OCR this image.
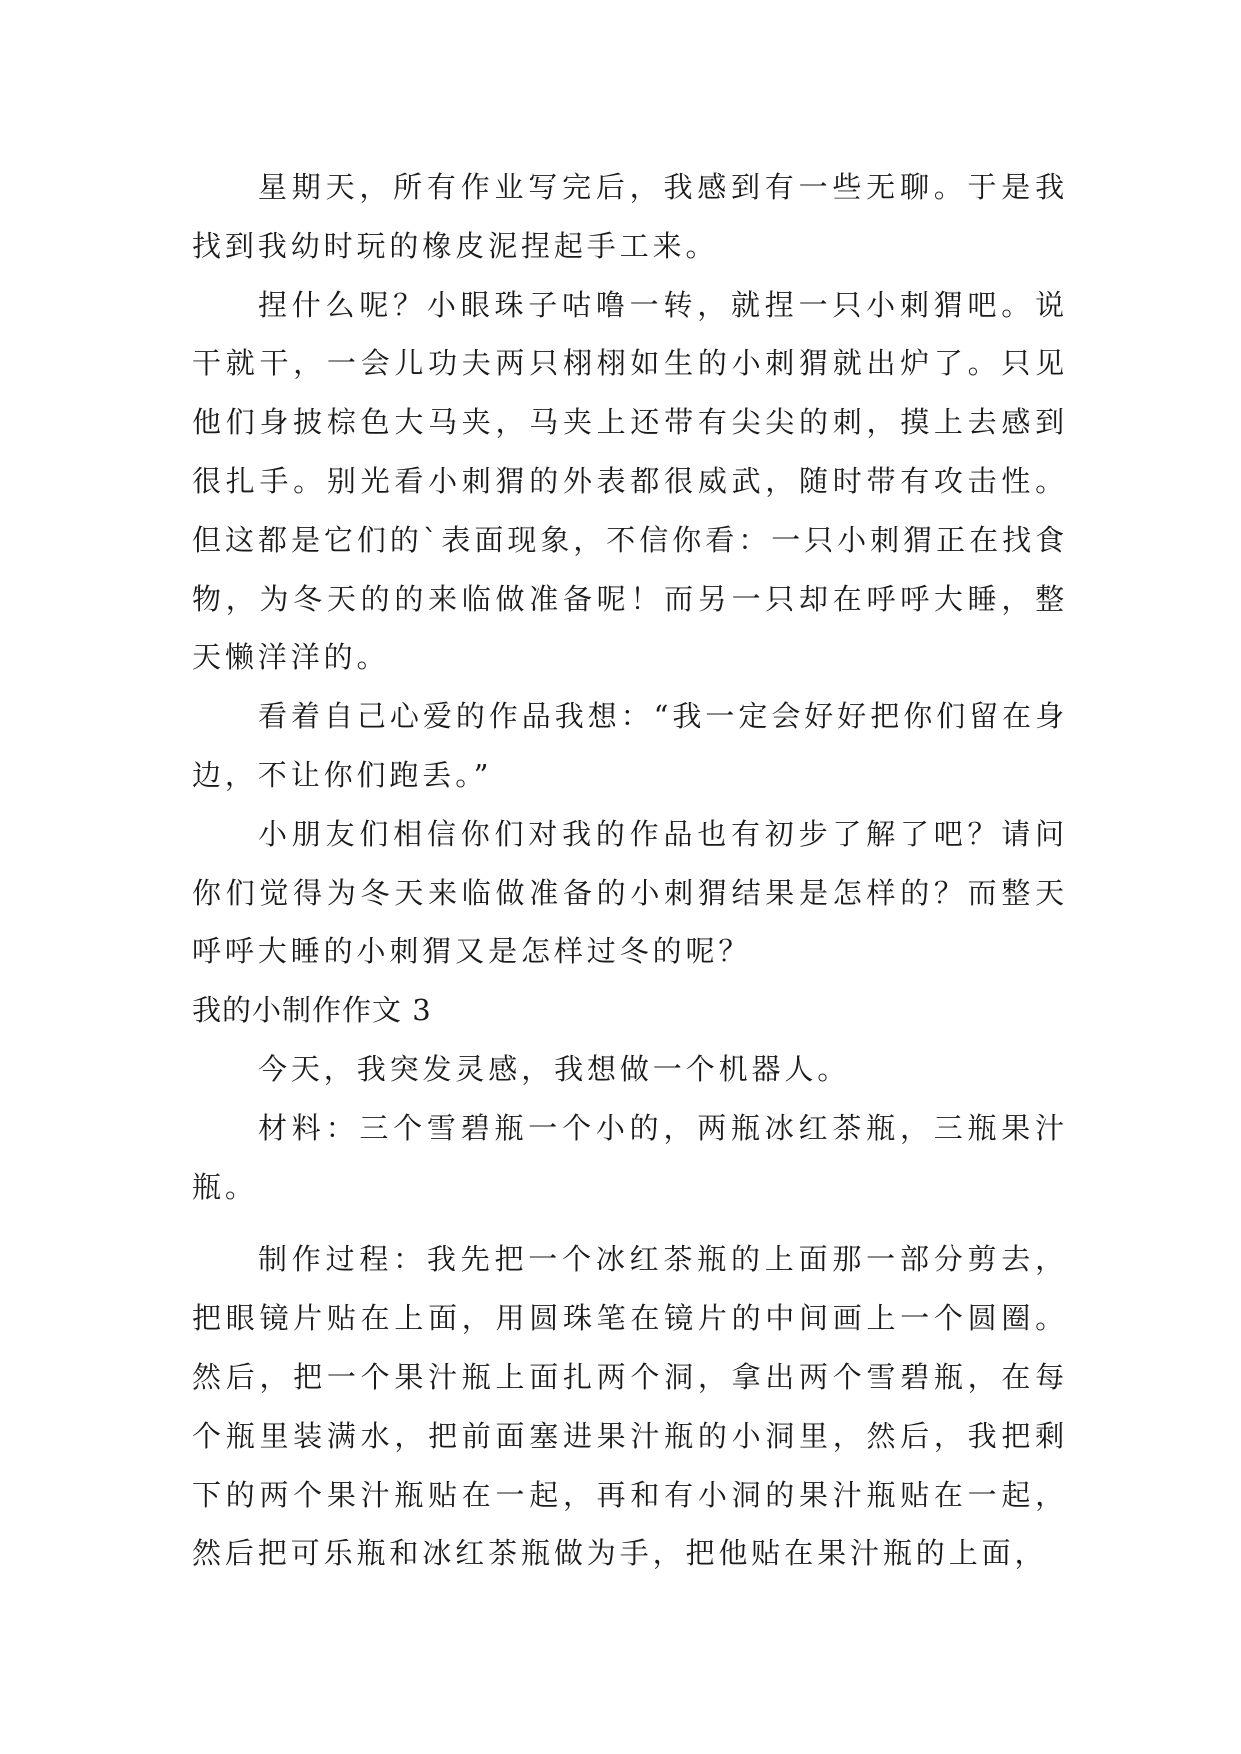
星期天，所有作业写完后，我感到有一些无聊。于是我找到我幼时玩的橡皮泥捏起手工来。

捏什么呢？小眼珠子咕噜一转，就捏一只小刺猬吧。说干就干，一会儿功夫两只栩栩如生的小刺猬就出炉了。只见他们身披棕色大马夹，马夹上还带有尖尖的刺，摸上去感到很扎手。别光看小刺猬的外表都很威武，随时带有攻击性。但这都是它们的`表面现象，不信你看：一只小刺猬正在找食物，为冬天的的来临做准备呢！而另一只却在呼呼大睡，整天懒洋洋的。

看着自己心爱的作品我想：“我一定会好好把你们留在身边，不让你们跑丢。”

小朋友们相信你们对我的作品也有初步了解了吧？请问你们觉得为冬天来临做准备的小刺猬结果是怎样的？而整天呼呼大睡的小刺猬又是怎样过冬的呢？

我的小制作作文 3

今天，我突发灵感，我想做一个机器人。

材料：三个雪碧瓶一个小的，两瓶冰红茶瓶，三瓶果汁瓶。

制作过程：我先把一个冰红茶瓶的上面那一部分剪去，把眼镜片贴在上面，用圆珠笔在镜片的中间画上一个圆圈。然后，把一个果汁瓶上面扎两个洞，拿出两个雪碧瓶，在每个瓶里装满水，把前面塞进果汁瓶的小洞里，然后，我把剩下的两个果汁瓶贴在一起，再和有小洞的果汁瓶贴在一起，然后把可乐瓶和冰红茶瓶做为手，把他贴在果汁瓶的上面，
